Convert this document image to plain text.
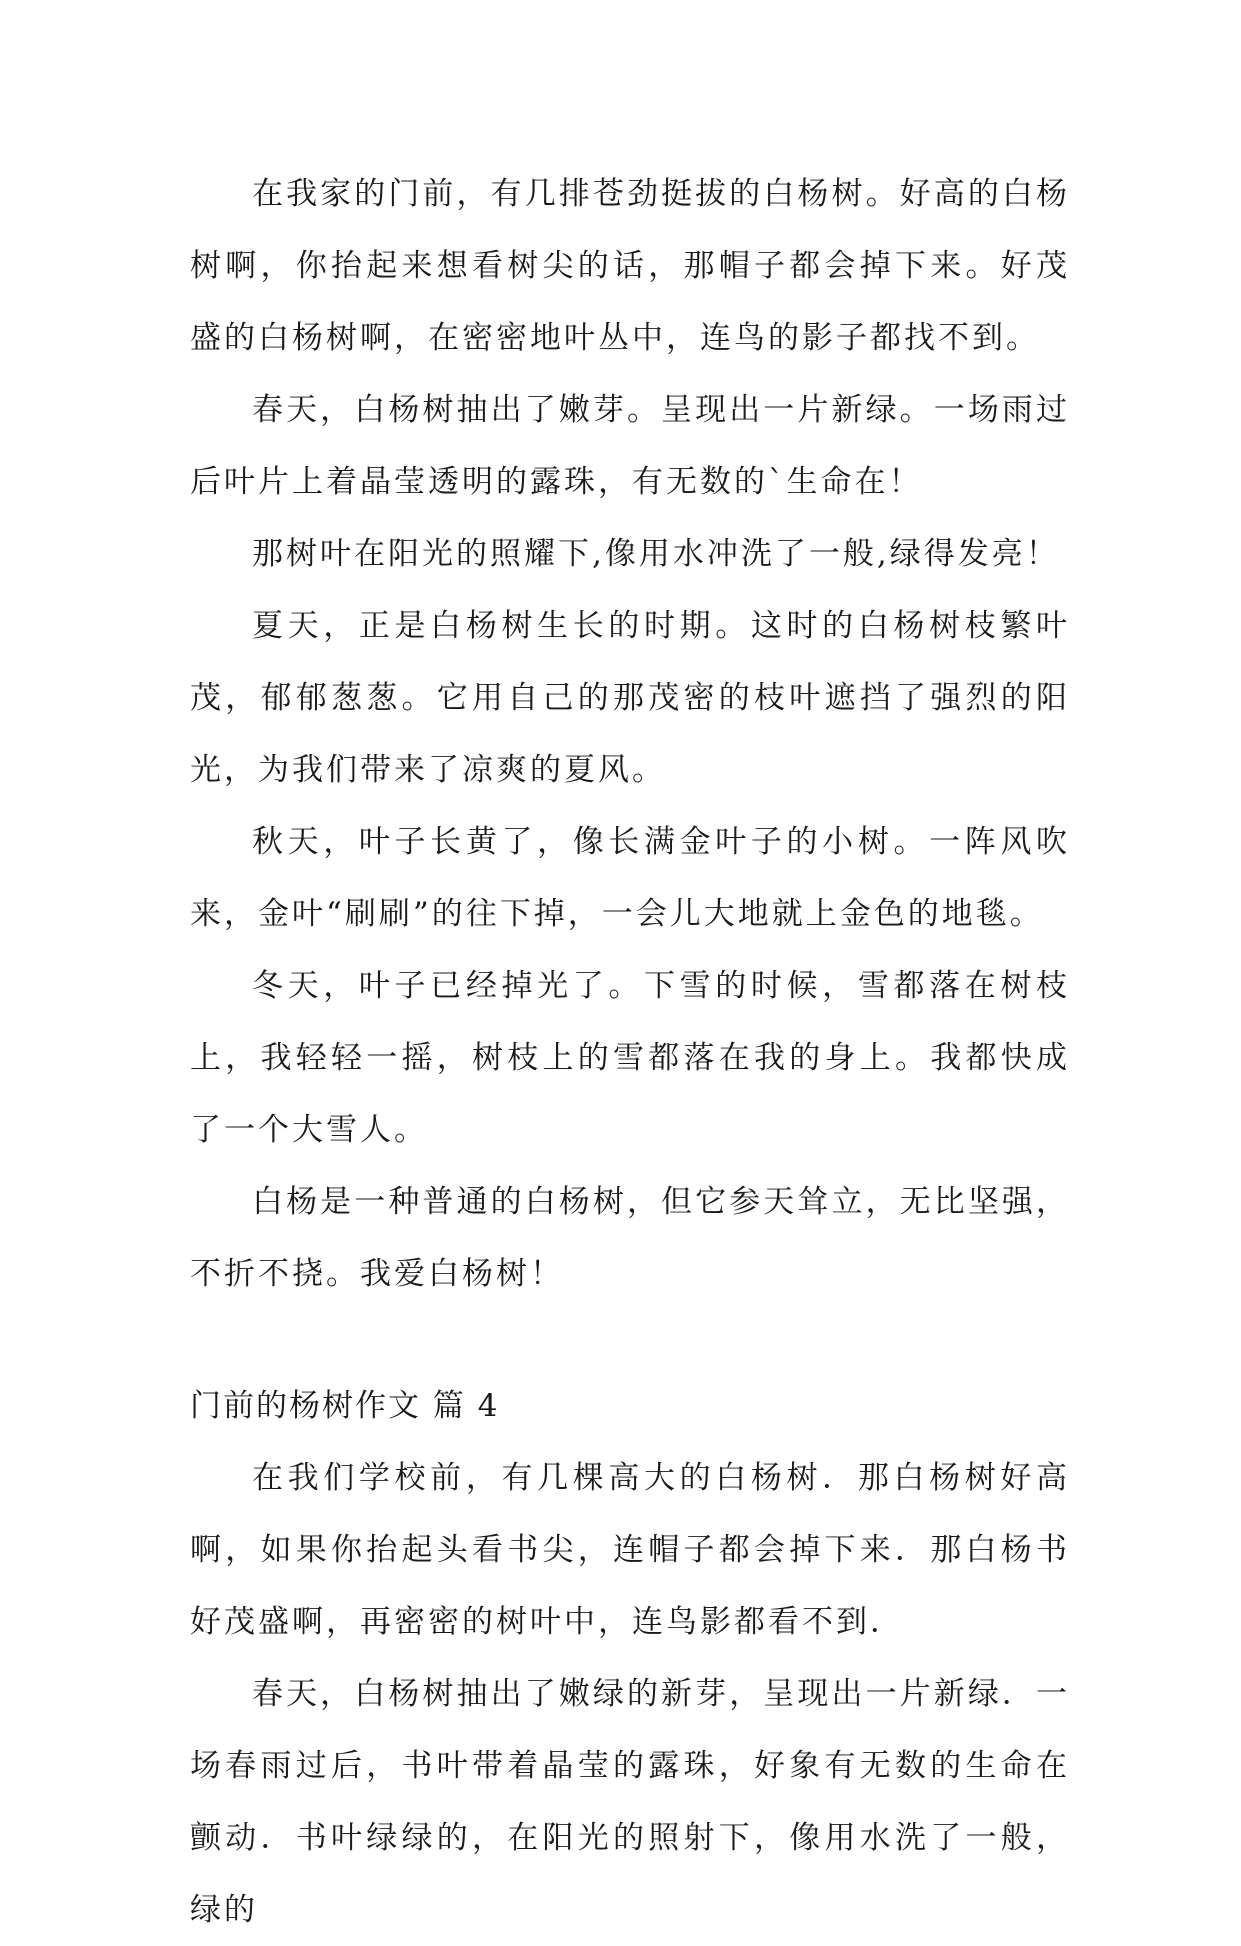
在我家的门前，有几排苍劲挺拔的白杨树。好高的白杨树啊，你抬起来想看树尖的话，那帽子都会掉下来。好茂盛的白杨树啊，在密密地叶丛中，连鸟的影子都找不到。

春天，白杨树抽出了嫩芽。呈现出一片新绿。一场雨过后叶片上着晶莹透明的露珠，有无数的`生命在！

那树叶在阳光的照耀下,像用水冲洗了一般,绿得发亮！

夏天，正是白杨树生长的时期。这时的白杨树枝繁叶茂，郁郁葱葱。它用自己的那茂密的枝叶遮挡了强烈的阳光，为我们带来了凉爽的夏风。

秋天，叶子长黄了，像长满金叶子的小树。一阵风吹来，金叶“刷刷”的往下掉，一会儿大地就上金色的地毯。

冬天，叶子已经掉光了。下雪的时候，雪都落在树枝上，我轻轻一摇，树枝上的雪都落在我的身上。我都快成了一个大雪人。

白杨是一种普通的白杨树，但它参天耸立，无比坚强，不折不挠。我爱白杨树！

门前的杨树作文 篇 4

在我们学校前，有几棵高大的白杨树．那白杨树好高啊，如果你抬起头看书尖，连帽子都会掉下来．那白杨书好茂盛啊，再密密的树叶中，连鸟影都看不到．

春天，白杨树抽出了嫩绿的新芽，呈现出一片新绿．一场春雨过后，书叶带着晶莹的露珠，好象有无数的生命在颤动．书叶绿绿的，在阳光的照射下，像用水洗了一般，绿的
